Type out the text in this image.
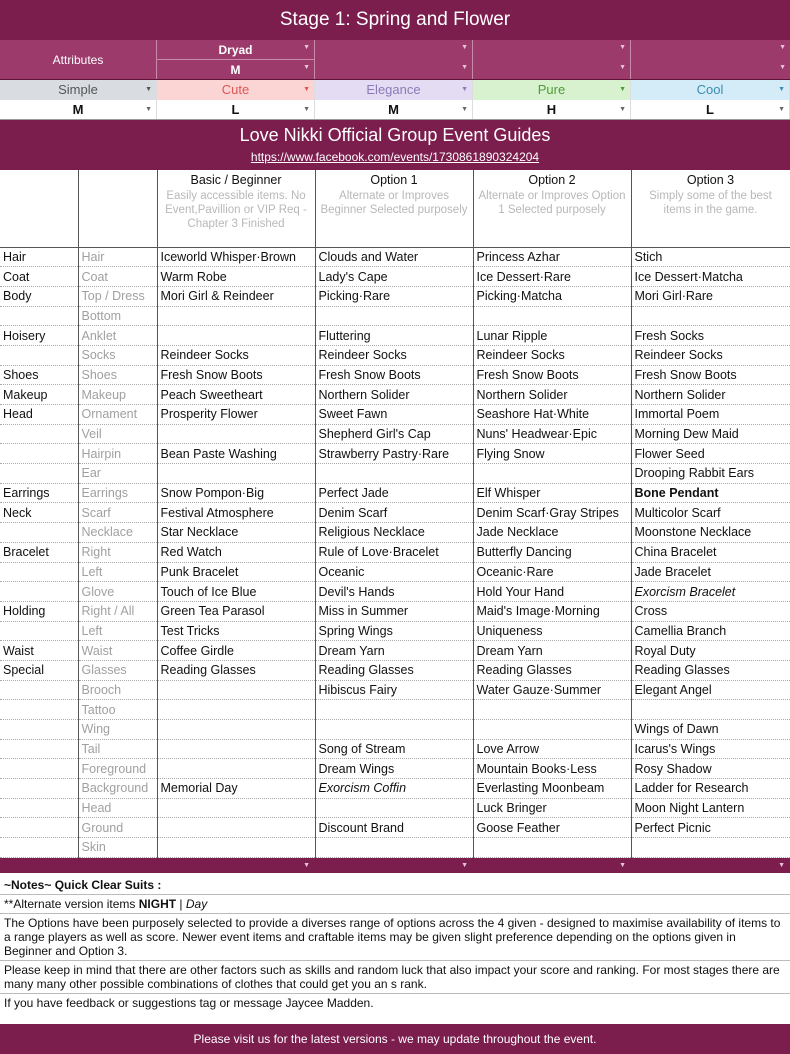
Stage 1: Spring and Flower
Attributes
Dryad
M
▼
▼
▼
▼
▼
▼
▼
▼
Simple	▼	Cute	▼	Elegance	▼	Pure	▼	Cool	▼
M	▼	L	▼	M	▼	H	▼	L	▼
Love Nikki Official Group Event Guides
https://www.facebook.com/events/1730861890324204
		Basic / Beginner	Option 1	Option 2	Option 3
		Easily accessible items. No Event,Pavillion or VIP Req - Chapter 3 Finished	Alternate or Improves Beginner Selected purposely	Alternate or Improves Option 1 Selected purposely	Simply some of the best items in the game.
Hair	Hair	Iceworld Whisper·Brown	Clouds and Water	Princess Azhar	Stich
Coat	Coat	Warm Robe	Lady's Cape	Ice Dessert·Rare	Ice Dessert·Matcha
Body	Top / Dress	Mori Girl & Reindeer	Picking·Rare	Picking·Matcha	Mori Girl·Rare
	Bottom				
Hoisery	Anklet		Fluttering	Lunar Ripple	Fresh Socks
	Socks	Reindeer Socks	Reindeer Socks	Reindeer Socks	Reindeer Socks
Shoes	Shoes	Fresh Snow Boots	Fresh Snow Boots	Fresh Snow Boots	Fresh Snow Boots
Makeup	Makeup	Peach Sweetheart	Northern Solider	Northern Solider	Northern Solider
Head	Ornament	Prosperity Flower	Sweet Fawn	Seashore Hat·White	Immortal Poem
	Veil		Shepherd Girl's Cap	Nuns' Headwear·Epic	Morning Dew Maid
	Hairpin	Bean Paste Washing	Strawberry Pastry·Rare	Flying Snow	Flower Seed
	Ear				Drooping Rabbit Ears
Earrings	Earrings	Snow Pompon·Big	Perfect Jade	Elf Whisper	Bone Pendant
Neck	Scarf	Festival Atmosphere	Denim Scarf	Denim Scarf·Gray Stripes	Multicolor Scarf
	Necklace	Star Necklace	Religious Necklace	Jade Necklace	Moonstone Necklace
Bracelet	Right	Red Watch	Rule of Love·Bracelet	Butterfly Dancing	China Bracelet
	Left	Punk Bracelet	Oceanic	Oceanic·Rare	Jade Bracelet
	Glove	Touch of Ice Blue	Devil's Hands	Hold Your Hand	Exorcism Bracelet
Holding	Right / All	Green Tea Parasol	Miss in Summer	Maid's Image·Morning	Cross
	Left	Test Tricks	Spring Wings	Uniqueness	Camellia Branch
Waist	Waist	Coffee Girdle	Dream Yarn	Dream Yarn	Royal Duty
Special	Glasses	Reading Glasses	Reading Glasses	Reading Glasses	Reading Glasses
	Brooch		Hibiscus Fairy	Water Gauze·Summer	Elegant Angel
	Tattoo				
	Wing				Wings of Dawn
	Tail		Song of Stream	Love Arrow	Icarus's Wings
	Foreground		Dream Wings	Mountain Books·Less	Rosy Shadow
	Background	Memorial Day	Exorcism Coffin	Everlasting Moonbeam	Ladder for Research
	Head			Luck Bringer	Moon Night Lantern
	Ground		Discount Brand	Goose Feather	Perfect Picnic
	Skin				

		▼	▼	▼	▼
~Notes~ Quick Clear Suits :
**Alternate version items NIGHT | Day
The Options have been purposely selected to provide a diverses range of options across the 4 given - designed to maximise availability of items to a range players as well as score. Newer event items and craftable items may be given slight preference depending on the options given in Beginner and Option 3.
Please keep in mind that there are other factors such as skills and random luck that also impact your score and ranking. For most stages there are many many other possible combinations of clothes that could get you an s rank.
If you have feedback or suggestions tag or message Jaycee Madden.
Please visit us for the latest versions - we may update throughout the event.
